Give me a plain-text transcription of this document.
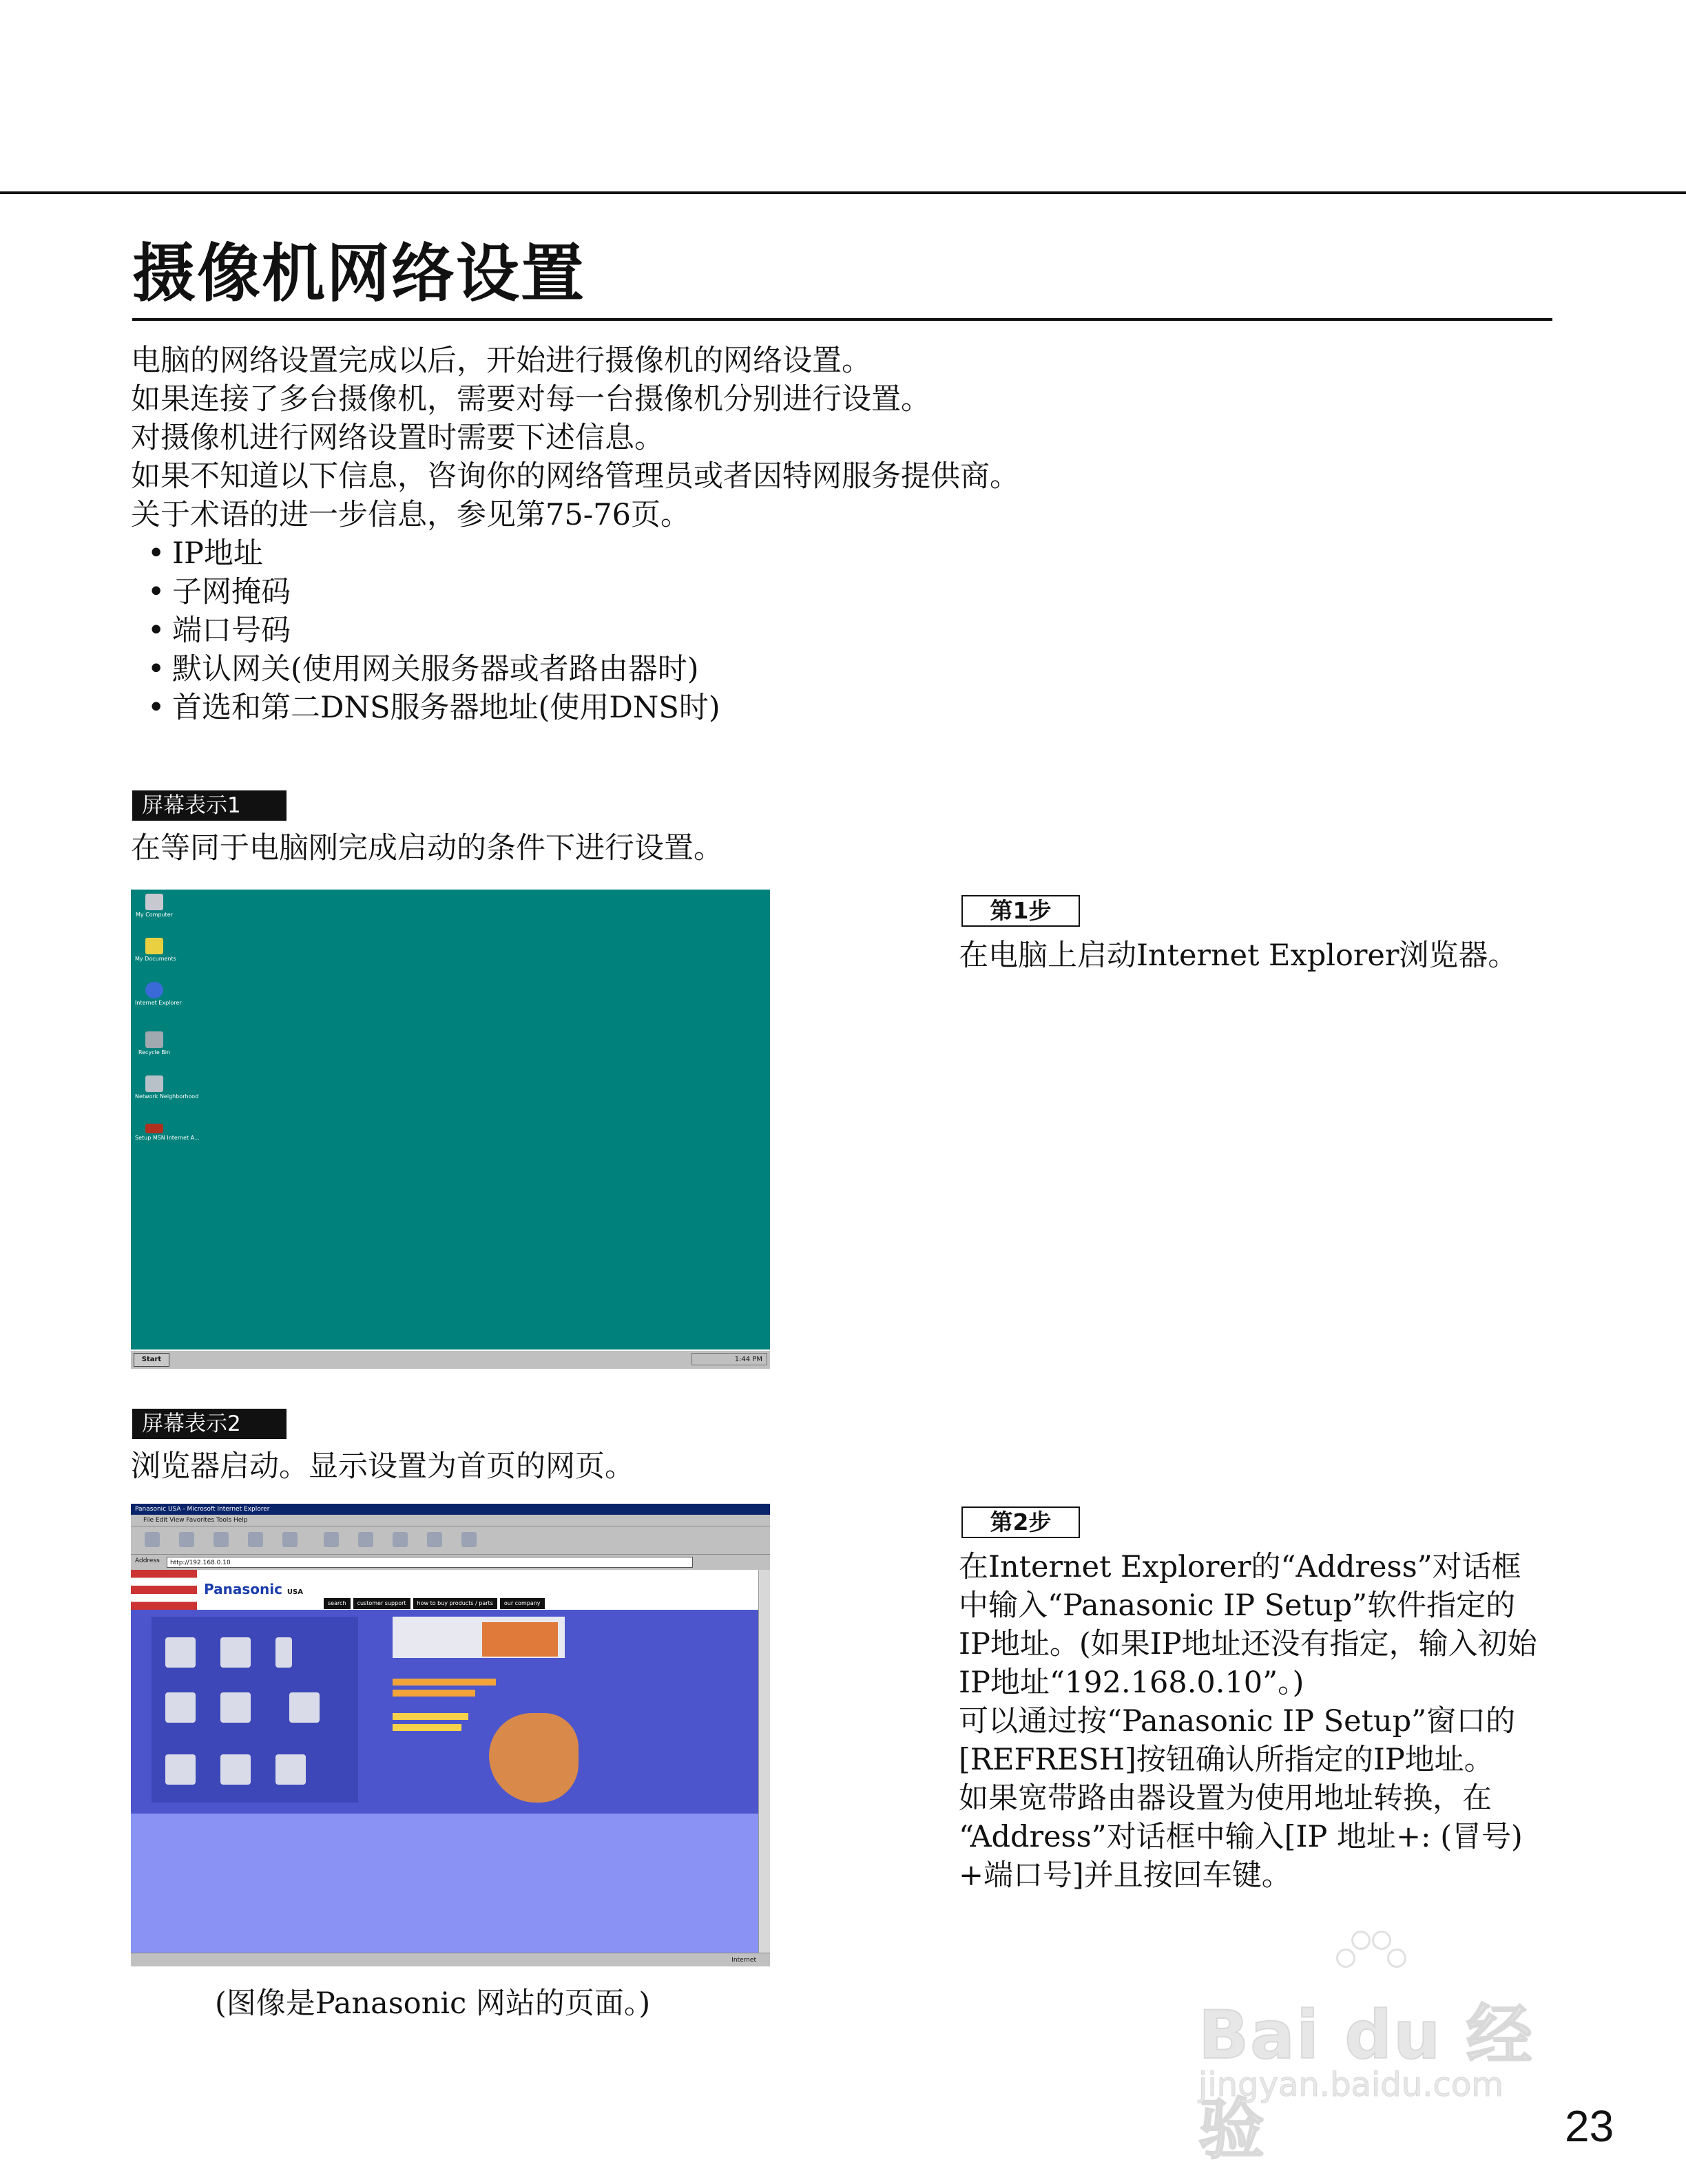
摄像机网络设置
电脑的网络设置完成以后，开始进行摄像机的网络设置。
如果连接了多台摄像机，需要对每一台摄像机分别进行设置。
对摄像机进行网络设置时需要下述信息。
如果不知道以下信息，咨询你的网络管理员或者因特网服务提供商。
关于术语的进一步信息，参见第75-76页。
• IP地址
• 子网掩码
• 端口号码
• 默认网关(使用网关服务器或者路由器时)
• 首选和第二DNS服务器地址(使用DNS时)
屏幕表示1
在等同于电脑刚完成启动的条件下进行设置。
My Computer
My Documents
Internet Explorer
Recycle Bin
Network Neighborhood
Setup MSN Internet A...
Start	1:44 PM
第1步
在电脑上启动Internet Explorer浏览器。
屏幕表示2
浏览器启动。显示设置为首页的网页。
Panasonic USA - Microsoft Internet Explorer
File Edit View Favorites Tools Help
Address	http://192.168.0.10
Panasonic USA
search customer support how to buy products / parts our company
Internet
第2步
在Internet Explorer的“Address”对话框
中输入“Panasonic IP Setup”软件指定的
IP地址。(如果IP地址还没有指定，输入初始
IP地址“192.168.0.10”。)
可以通过按“Panasonic IP Setup”窗口的
[REFRESH]按钮确认所指定的IP地址。
如果宽带路由器设置为使用地址转换，在
“Address”对话框中输入[IP 地址+: (冒号)
+端口号]并且按回车键。
(图像是Panasonic 网站的页面。)	Bai du 经验
jingyan.baidu.com
23
